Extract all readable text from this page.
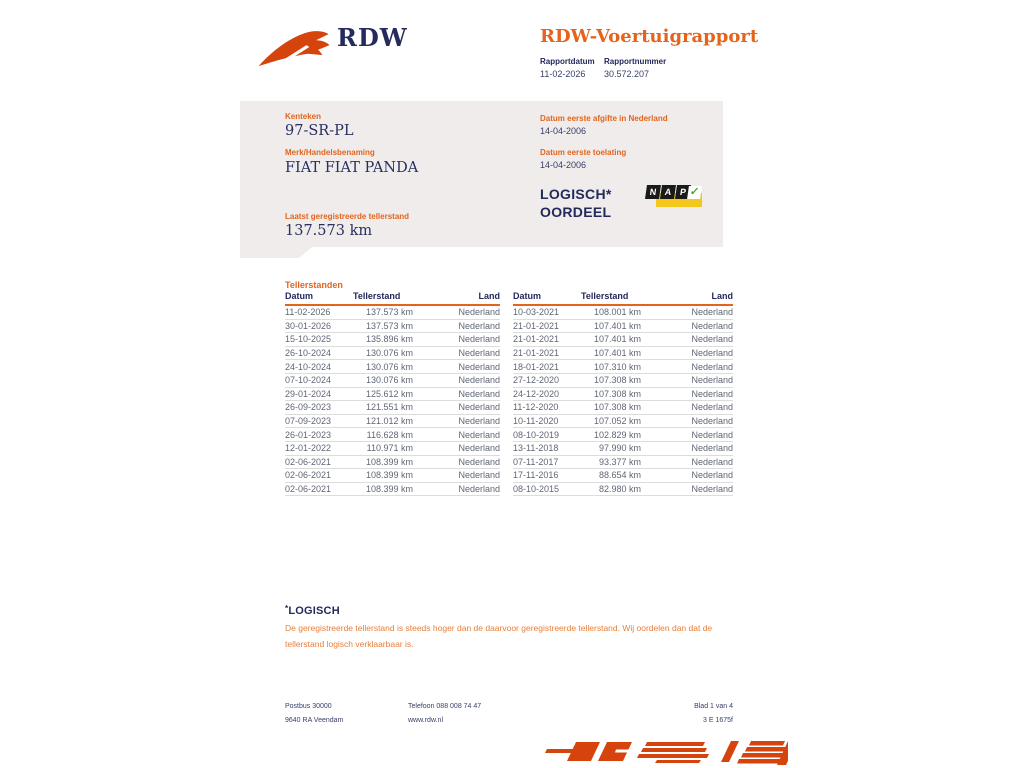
RDW	RDW-Voertuigrapport
Rapportdatum Rapportnummer
11-02-2026 30.572.207
Kenteken
97-SR-PL
Merk/Handelsbenaming
FIAT FIAT PANDA
Laatst geregistreerde tellerstand
137.573 km
Datum eerste afgifte in Nederland
14-04-2006
Datum eerste toelating
14-04-2006
LOGISCH*
OORDEEL
N A P ✓
Tellerstanden
Datum	Tellerstand	Land
11-02-2026	137.573 km	Nederland
30-01-2026	137.573 km	Nederland
15-10-2025	135.896 km	Nederland
26-10-2024	130.076 km	Nederland
24-10-2024	130.076 km	Nederland
07-10-2024	130.076 km	Nederland
29-01-2024	125.612 km	Nederland
26-09-2023	121.551 km	Nederland
07-09-2023	121.012 km	Nederland
26-01-2023	116.628 km	Nederland
12-01-2022	110.971 km	Nederland
02-06-2021	108.399 km	Nederland
02-06-2021	108.399 km	Nederland
02-06-2021	108.399 km	Nederland
Datum	Tellerstand	Land
10-03-2021	108.001 km	Nederland
21-01-2021	107.401 km	Nederland
21-01-2021	107.401 km	Nederland
21-01-2021	107.401 km	Nederland
18-01-2021	107.310 km	Nederland
27-12-2020	107.308 km	Nederland
24-12-2020	107.308 km	Nederland
11-12-2020	107.308 km	Nederland
10-11-2020	107.052 km	Nederland
08-10-2019	102.829 km	Nederland
13-11-2018	97.990 km	Nederland
07-11-2017	93.377 km	Nederland
17-11-2016	88.654 km	Nederland
08-10-2015	82.980 km	Nederland
*LOGISCH
De geregistreerde tellerstand is steeds hoger dan de daarvoor geregistreerde tellerstand. Wij oordelen dan dat de tellerstand logisch verklaarbaar is.
Postbus 30000
9640 RA Veendam
Telefoon 088 008 74 47
www.rdw.nl
Blad 1 van 4
3 E 1675f
